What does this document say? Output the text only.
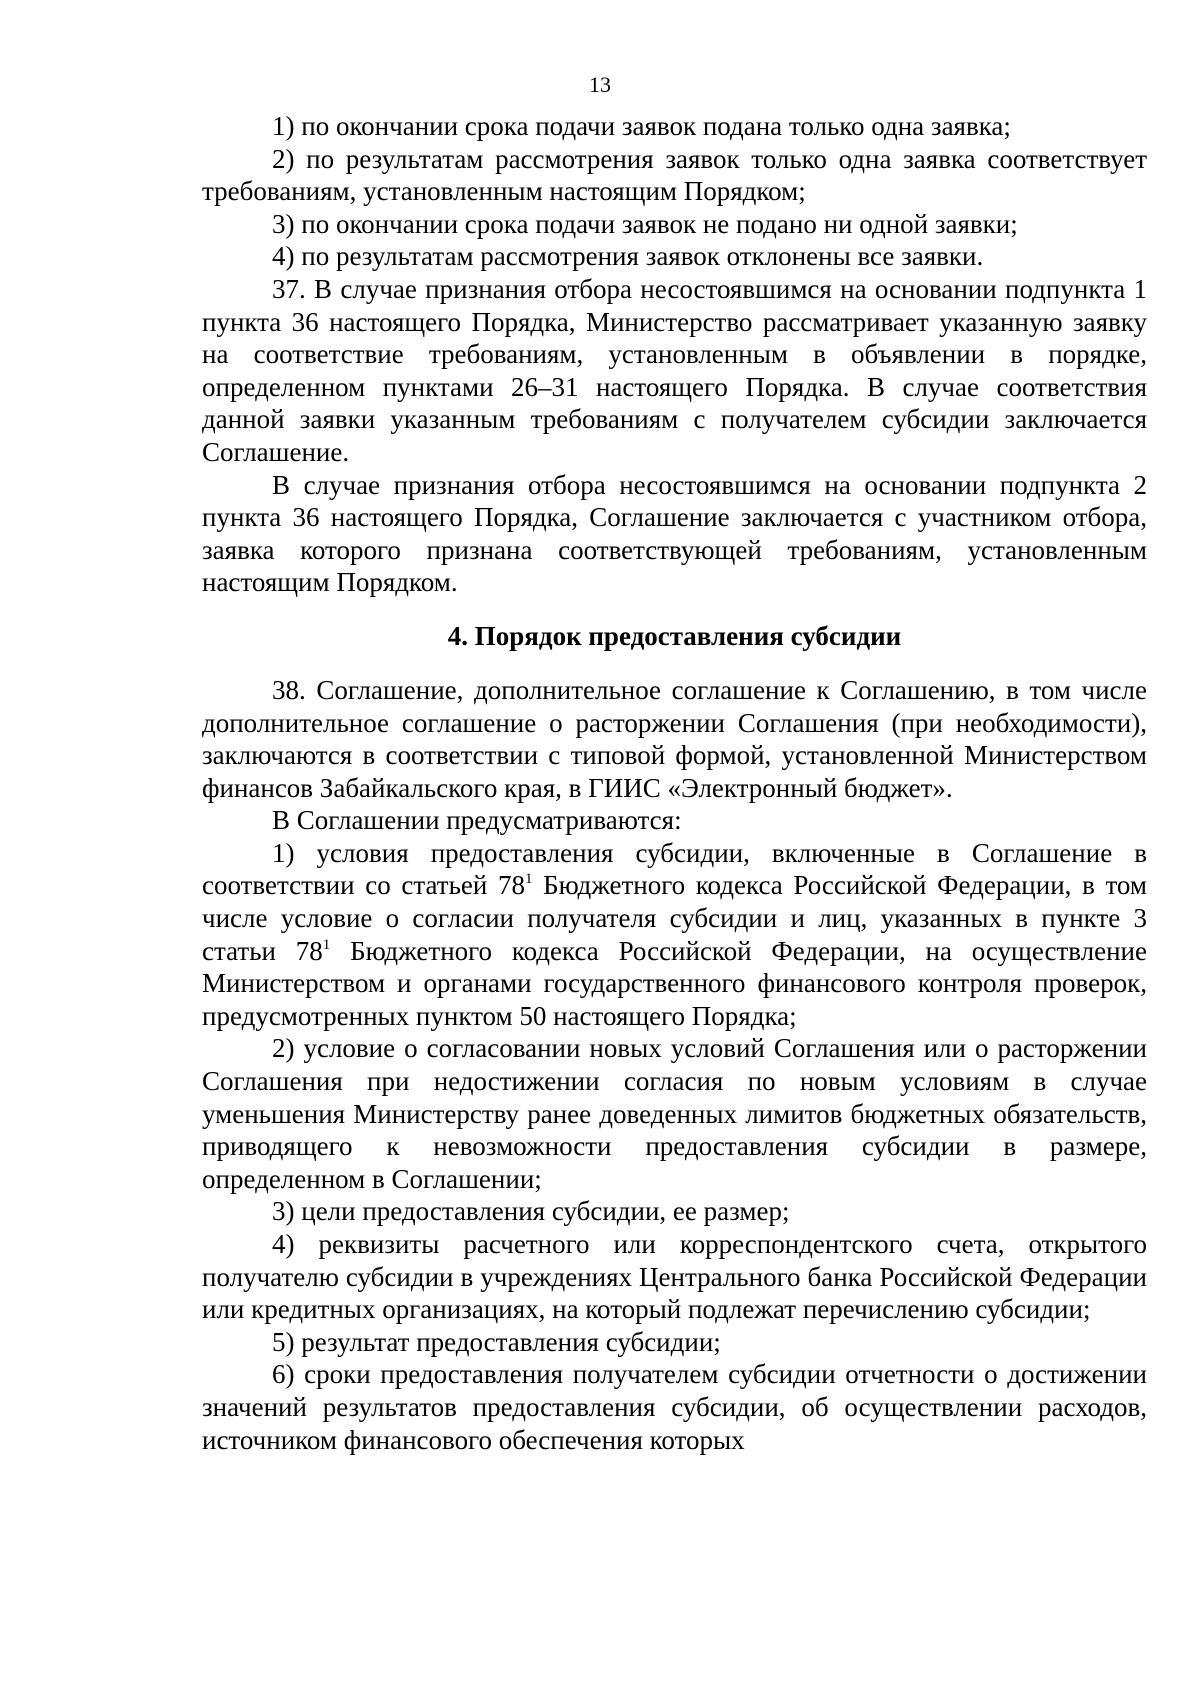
13

1) по окончании срока подачи заявок подана только одна заявка;

2) по результатам рассмотрения заявок только одна заявка соответствует требованиям, установленным настоящим Порядком;

3) по окончании срока подачи заявок не подано ни одной заявки;

4) по результатам рассмотрения заявок отклонены все заявки.

37. В случае признания отбора несостоявшимся на основании подпункта 1 пункта 36 настоящего Порядка, Министерство рассматривает указанную заявку на соответствие требованиям, установленным в объявлении в порядке, определенном пунктами 26–31 настоящего Порядка. В случае соответствия данной заявки указанным требованиям с получателем субсидии заключается Соглашение.

В случае признания отбора несостоявшимся на основании подпункта 2 пункта 36 настоящего Порядка, Соглашение заключается с участником отбора, заявка которого признана соответствующей требованиям, установленным настоящим Порядком.

4. Порядок предоставления субсидии

38. Соглашение, дополнительное соглашение к Соглашению, в том числе дополнительное соглашение о расторжении Соглашения (при необходимости), заключаются в соответствии с типовой формой, установленной Министерством финансов Забайкальского края, в ГИИС «Электронный бюджет».

В Соглашении предусматриваются:

1) условия предоставления субсидии, включенные в Соглашение в соответствии со статьей $78^1$ Бюджетного кодекса Российской Федерации, в том числе условие о согласии получателя субсидии и лиц, указанных в пункте 3 статьи $78^1$ Бюджетного кодекса Российской Федерации, на осуществление Министерством и органами государственного финансового контроля проверок, предусмотренных пунктом 50 настоящего Порядка;

2) условие о согласовании новых условий Соглашения или о расторжении Соглашения при недостижении согласия по новым условиям в случае уменьшения Министерству ранее доведенных лимитов бюджетных обязательств, приводящего к невозможности предоставления субсидии в размере, определенном в Соглашении;

3) цели предоставления субсидии, ее размер;

4) реквизиты расчетного или корреспондентского счета, открытого получателю субсидии в учреждениях Центрального банка Российской Федерации или кредитных организациях, на который подлежат перечислению субсидии;

5) результат предоставления субсидии;

6) сроки предоставления получателем субсидии отчетности о достижении значений результатов предоставления субсидии, об осуществлении расходов, источником финансового обеспечения которых
